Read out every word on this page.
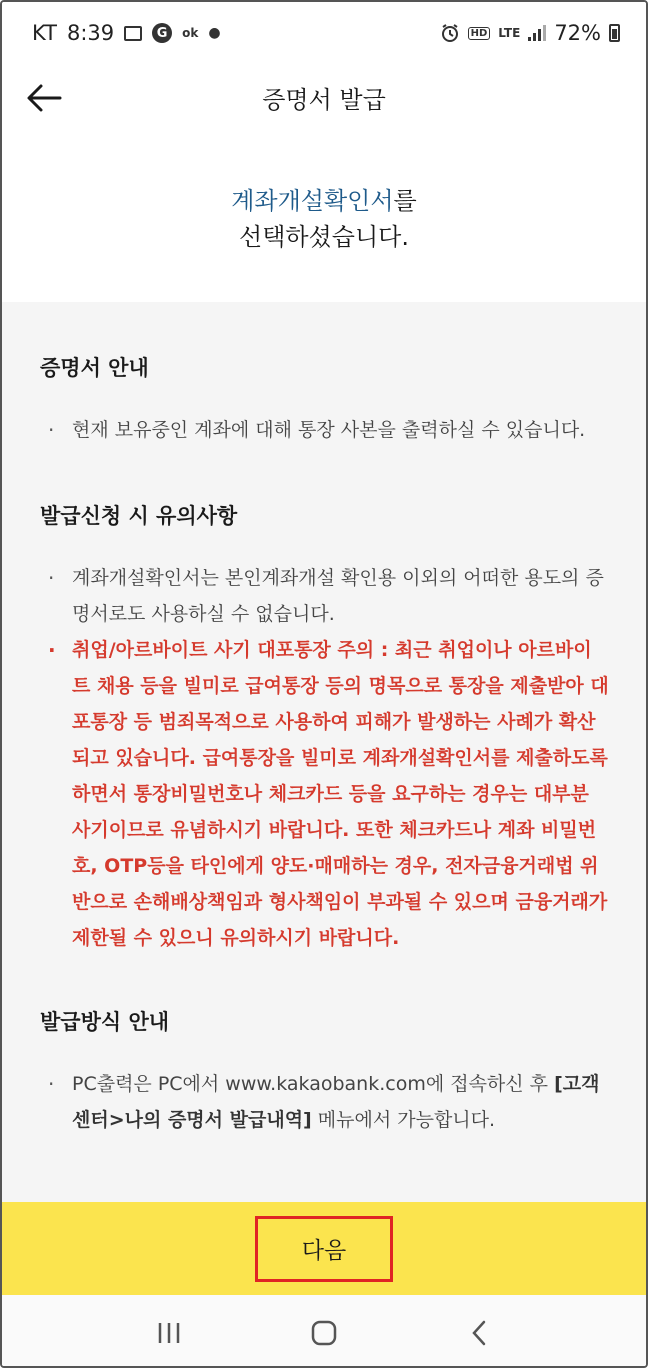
KT 8:39	G	ok ●	HD LTE 72%
증명서 발급
계좌개설확인서를
선택하셨습니다.
증명서 안내
· 현재 보유중인 계좌에 대해 통장 사본을 출력하실 수 있습니다.
발급신청 시 유의사항
· 계좌개설확인서는 본인계좌개설 확인용 이외의 어떠한 용도의 증명서로도 사용하실 수 없습니다.
· 취업/아르바이트 사기 대포통장 주의 : 최근 취업이나 아르바이트 채용 등을 빌미로 급여통장 등의 명목으로 통장을 제출받아 대포통장 등 범죄목적으로 사용하여 피해가 발생하는 사례가 확산되고 있습니다. 급여통장을 빌미로 계좌개설확인서를 제출하도록 하면서 통장비밀번호나 체크카드 등을 요구하는 경우는 대부분 사기이므로 유념하시기 바랍니다. 또한 체크카드나 계좌 비밀번호, OTP등을 타인에게 양도·매매하는 경우, 전자금융거래법 위반으로 손해배상책임과 형사책임이 부과될 수 있으며 금융거래가 제한될 수 있으니 유의하시기 바랍니다.
발급방식 안내
· PC출력은 PC에서 www.kakaobank.com에 접속하신 후 [고객센터>나의 증명서 발급내역] 메뉴에서 가능합니다.
다음
